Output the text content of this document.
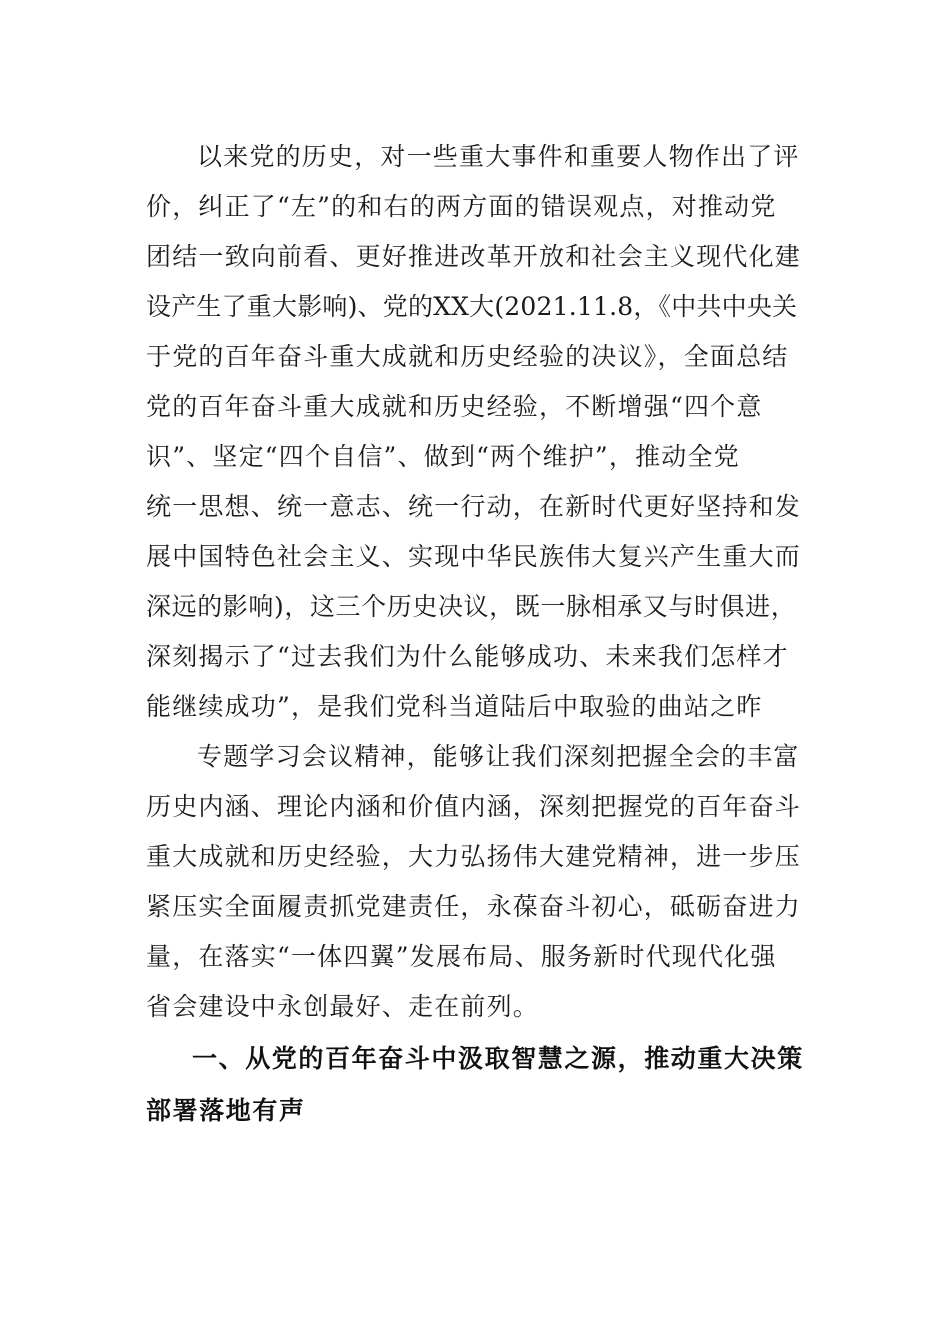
以来党的历史，对一些重大事件和重要人物作出了评
价，纠正了“左”的和右的两方面的错误观点，对推动党
团结一致向前看、更好推进改革开放和社会主义现代化建
设产生了重大影响)、党的XX大(2021.11.8，《中共中央关
于党的百年奋斗重大成就和历史经验的决议》，全面总结
党的百年奋斗重大成就和历史经验，不断增强“四个意
识”、坚定“四个自信”、做到“两个维护”，推动全党
统一思想、统一意志、统一行动，在新时代更好坚持和发
展中国特色社会主义、实现中华民族伟大复兴产生重大而
深远的影响)，这三个历史决议，既一脉相承又与时俱进，
深刻揭示了“过去我们为什么能够成功、未来我们怎样才
能继续成功”，是我们党科当道陆后中取验的曲站之昨
专题学习会议精神，能够让我们深刻把握全会的丰富
历史内涵、理论内涵和价值内涵，深刻把握党的百年奋斗
重大成就和历史经验，大力弘扬伟大建党精神，进一步压
紧压实全面履责抓党建责任，永葆奋斗初心，砥砺奋进力
量，在落实“一体四翼”发展布局、服务新时代现代化强
省会建设中永创最好、走在前列。
一、从党的百年奋斗中汲取智慧之源，推动重大决策
部署落地有声
